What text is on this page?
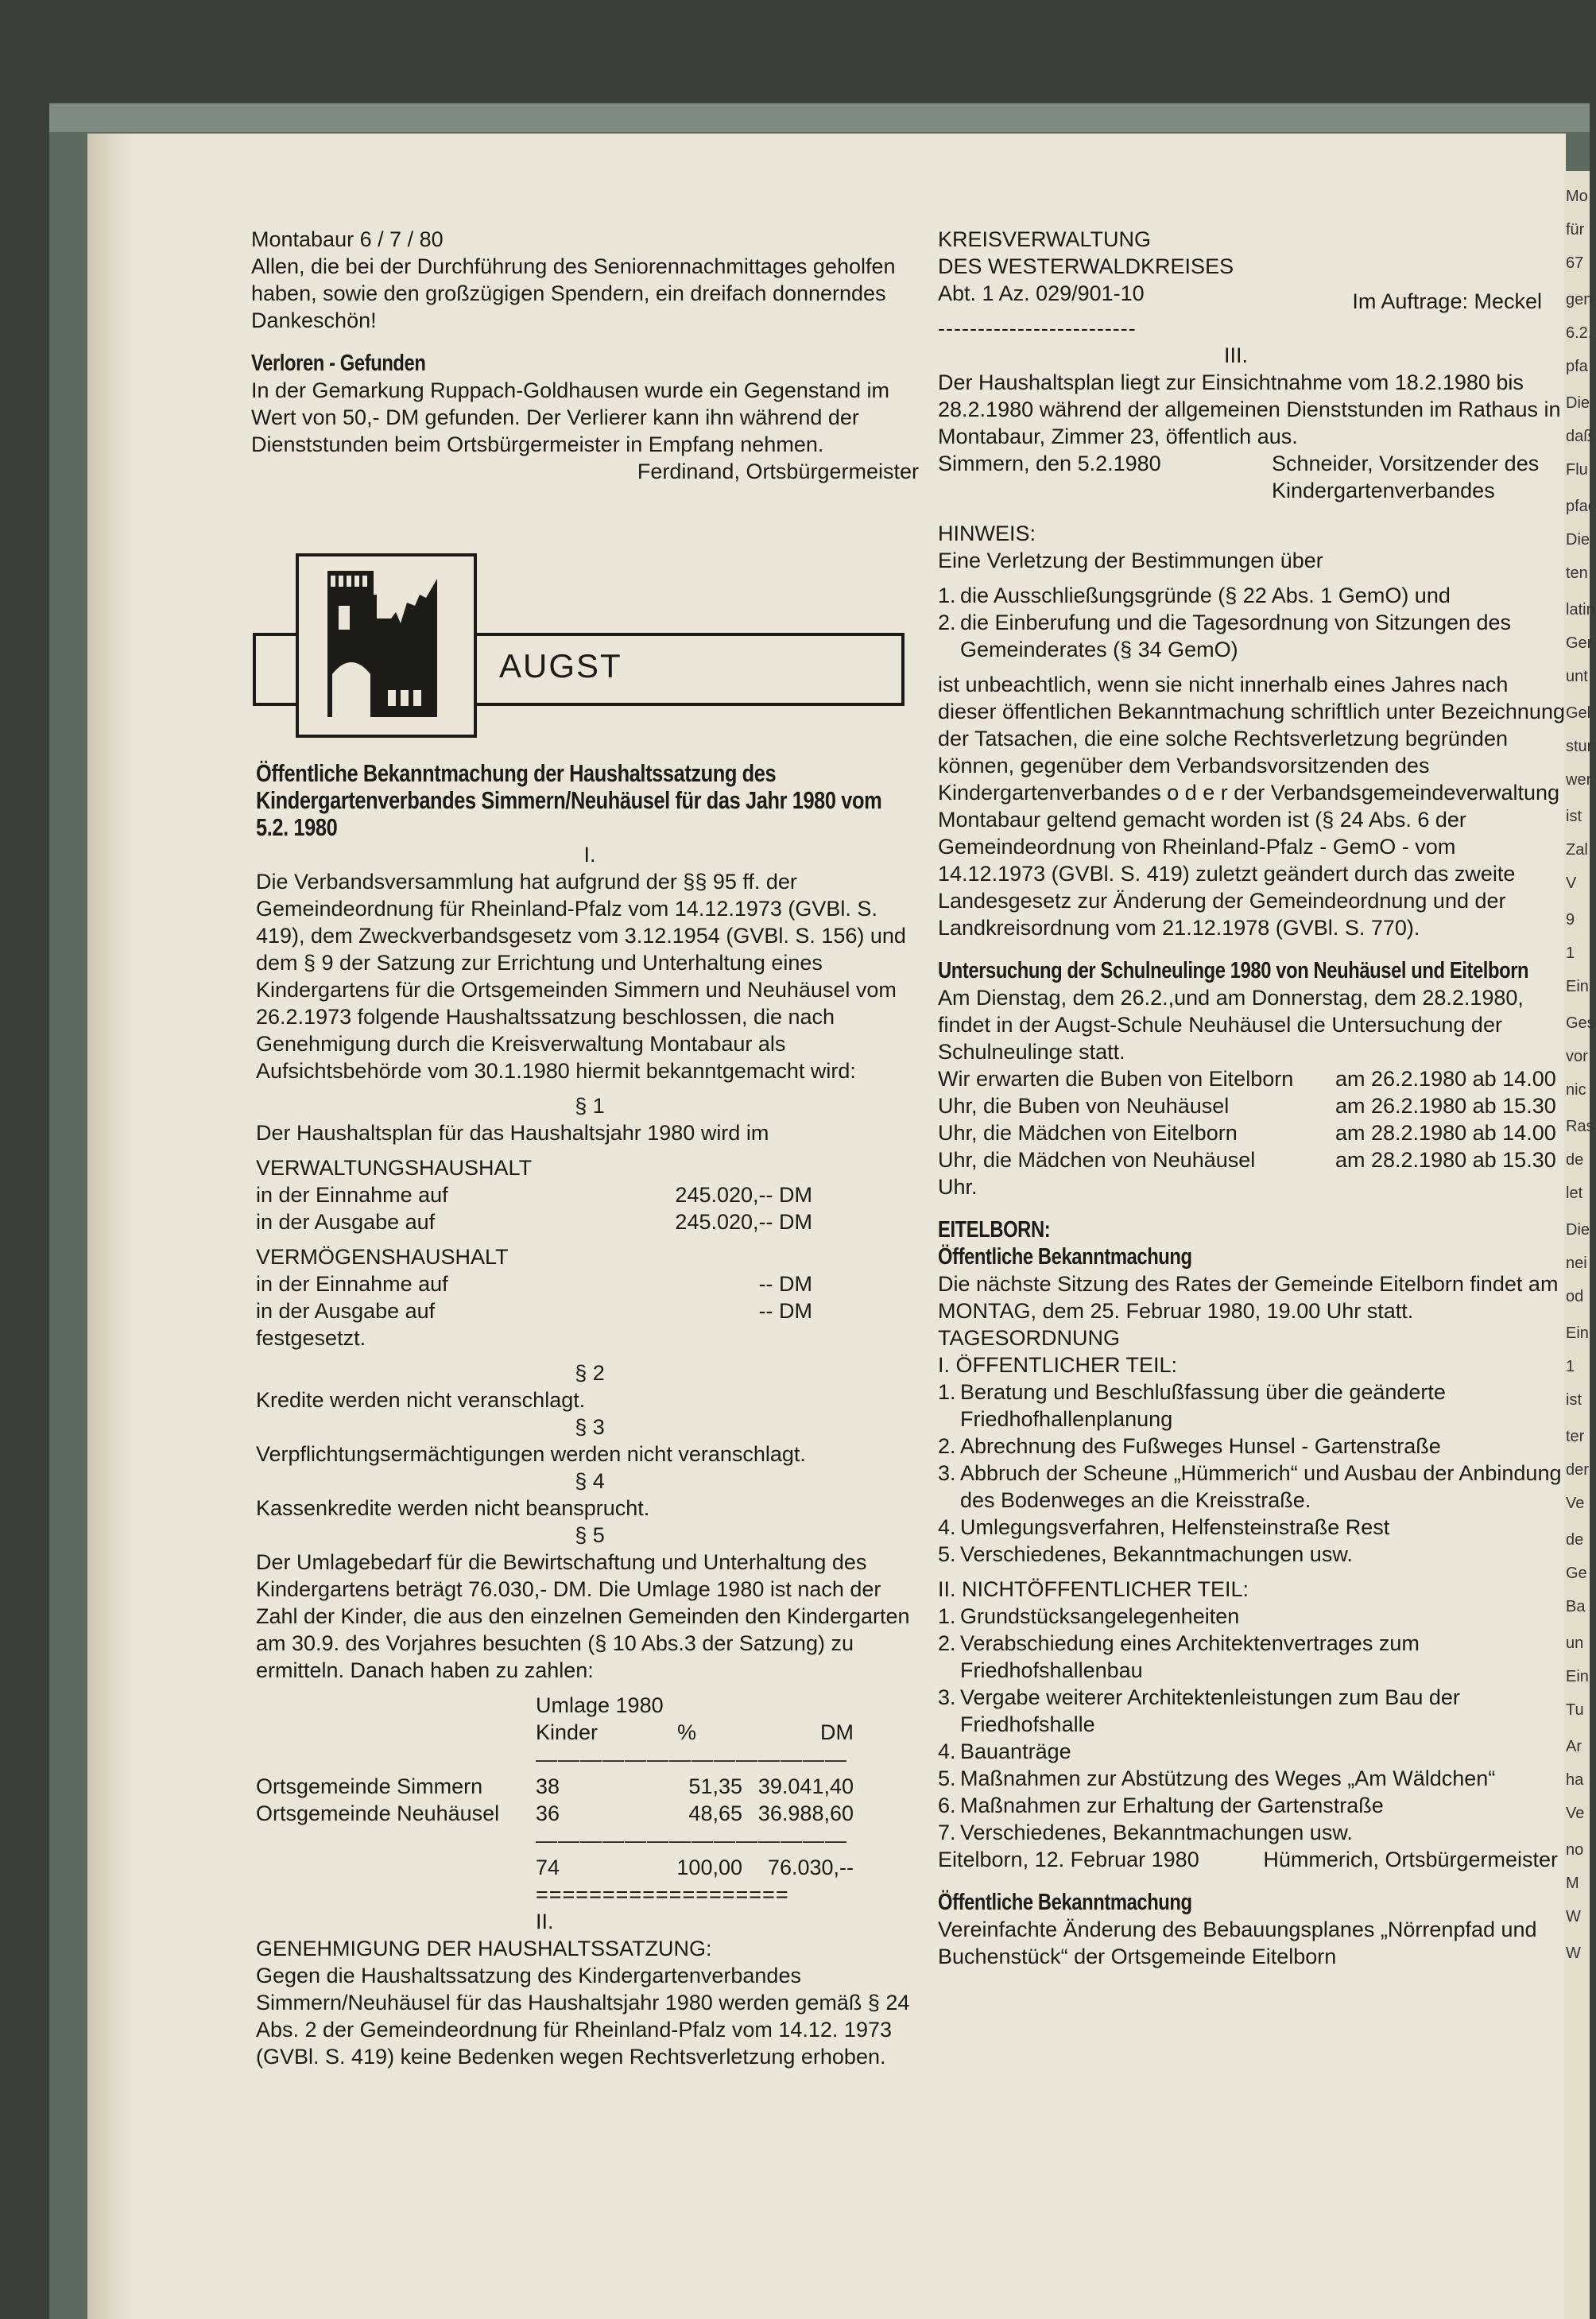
Mo
für
67
gen
6.2.
pfa
Die
daß
Flu
pfac
Die
ten
latin
Ger
unt
Gel
stur
wer
ist
Zal
V
9
1
Ein
Ges
vor
nic
Ras
de
let
Die
nei
od
Ein
1
ist
ter
der
Ve
de
Ge
Ba
un
Ein
Tu
Ar
ha
Ve
no
M
W
W

Montabaur 6 / 7 / 80

Allen, die bei der Durchführung des Seniorennachmittages geholfen haben, sowie den großzügigen Spendern, ein dreifach donnerndes Dankeschön!

Verloren - Gefunden

In der Gemarkung Ruppach-Goldhausen wurde ein Gegenstand im Wert von 50,- DM gefunden. Der Verlierer kann ihn während der Dienststunden beim Ortsbürgermeister in Empfang nehmen.

Ferdinand, Ortsbürgermeister

AUGST

Öffentliche Bekanntmachung der Haushaltssatzung des Kindergartenverbandes Simmern/Neuhäusel für das Jahr 1980 vom 5.2. 1980

I.

Die Verbandsversammlung hat aufgrund der §§ 95 ff. der Gemeindeordnung für Rheinland-Pfalz vom 14.12.1973 (GVBl. S. 419), dem Zweckverbandsgesetz vom 3.12.1954 (GVBl. S. 156) und dem § 9 der Satzung zur Errichtung und Unterhaltung eines Kindergartens für die Ortsgemeinden Simmern und Neuhäusel vom 26.2.1973 folgende Haushaltssatzung beschlossen, die nach Genehmigung durch die Kreisverwaltung Montabaur als Aufsichtsbehörde vom 30.1.1980 hiermit bekanntgemacht wird:

§ 1

Der Haushaltsplan für das Haushaltsjahr 1980 wird im

VERWALTUNGSHAUSHALT

in der Einnahme auf	245.020,-- DM
in der Ausgabe auf	245.020,-- DM

VERMÖGENSHAUSHALT

in der Einnahme auf	-- DM
in der Ausgabe auf	-- DM

festgesetzt.

§ 2

Kredite werden nicht veranschlagt.

§ 3

Verpflichtungsermächtigungen werden nicht veranschlagt.

§ 4

Kassenkredite werden nicht beansprucht.

§ 5

Der Umlagebedarf für die Bewirtschaftung und Unterhaltung des Kindergartens beträgt 76.030,- DM. Die Umlage 1980 ist nach der Zahl der Kinder, die aus den einzelnen Gemeinden den Kindergarten am 30.9. des Vorjahres besuchten (§ 10 Abs.3 der Satzung) zu ermitteln. Danach haben zu zahlen:

	Umlage 1980		
	Kinder	%	DM
	——————————————		
Ortsgemeinde Simmern	38	51,35	39.041,40
Ortsgemeinde Neuhäusel	36	48,65	36.988,60
	——————————————		
	74	100,00	76.030,--
	===================		

II.

GENEHMIGUNG DER HAUSHALTSSATZUNG:

Gegen die Haushaltssatzung des Kindergartenverbandes Simmern/Neuhäusel für das Haushaltsjahr 1980 werden gemäß § 24 Abs. 2 der Gemeindeordnung für Rheinland-Pfalz vom 14.12. 1973 (GVBl. S. 419) keine Bedenken wegen Rechtsverletzung erhoben.

KREISVERWALTUNG

DES WESTERWALDKREISES

Abt. 1 Az. 029/901-10	Im Auftrage: Meckel

-------------------------

III.

Der Haushaltsplan liegt zur Einsichtnahme vom 18.2.1980 bis 28.2.1980 während der allgemeinen Dienststunden im Rathaus in Montabaur, Zimmer 23, öffentlich aus.

Simmern, den 5.2.1980	Schneider, Vorsitzender des Kindergartenverbandes

HINWEIS:

Eine Verletzung der Bestimmungen über

1. die Ausschließungsgründe (§ 22 Abs. 1 GemO) und
2. die Einberufung und die Tagesordnung von Sitzungen des Gemeinderates (§ 34 GemO)

ist unbeachtlich, wenn sie nicht innerhalb eines Jahres nach dieser öffentlichen Bekanntmachung schriftlich unter Bezeichnung der Tatsachen, die eine solche Rechtsverletzung begründen können, gegenüber dem Verbandsvorsitzenden des Kindergartenverbandes o d e r der Verbandsgemeindeverwaltung Montabaur geltend gemacht worden ist (§ 24 Abs. 6 der Gemeindeordnung von Rheinland-Pfalz - GemO - vom 14.12.1973 (GVBl. S. 419) zuletzt geändert durch das zweite Landesgesetz zur Änderung der Gemeindeordnung und der Landkreisordnung vom 21.12.1978 (GVBl. S. 770).

Untersuchung der Schulneulinge 1980 von Neuhäusel und Eitelborn

Am Dienstag, dem 26.2.,und am Donnerstag, dem 28.2.1980, findet in der Augst-Schule Neuhäusel die Untersuchung der Schulneulinge statt.

Wir erwarten die Buben von Eitelborn	am 26.2.1980 ab 14.00
Uhr, die Buben von Neuhäusel	am 26.2.1980 ab 15.30
Uhr, die Mädchen von Eitelborn	am 28.2.1980 ab 14.00
Uhr, die Mädchen von Neuhäusel	am 28.2.1980 ab 15.30

Uhr.

EITELBORN:

Öffentliche Bekanntmachung

Die nächste Sitzung des Rates der Gemeinde Eitelborn findet am

MONTAG, dem 25. Februar 1980, 19.00 Uhr statt.

TAGESORDNUNG

I. ÖFFENTLICHER TEIL:

1. Beratung und Beschlußfassung über die geänderte Friedhofhallenplanung
2. Abrechnung des Fußweges Hunsel - Gartenstraße
3. Abbruch der Scheune „Hümmerich“ und Ausbau der Anbindung des Bodenweges an die Kreisstraße.
4. Umlegungsverfahren, Helfensteinstraße Rest
5. Verschiedenes, Bekanntmachungen usw.

II. NICHTÖFFENTLICHER TEIL:

1. Grundstücksangelegenheiten
2. Verabschiedung eines Architektenvertrages zum Friedhofshallenbau
3. Vergabe weiterer Architektenleistungen zum Bau der Friedhofshalle
4. Bauanträge
5. Maßnahmen zur Abstützung des Weges „Am Wäldchen“
6. Maßnahmen zur Erhaltung der Gartenstraße
7. Verschiedenes, Bekanntmachungen usw.
Eitelborn, 12. Februar 1980	Hümmerich, Ortsbürgermeister

Öffentliche Bekanntmachung

Vereinfachte Änderung des Bebauungsplanes „Nörrenpfad und Buchenstück“ der Ortsgemeinde Eitelborn
